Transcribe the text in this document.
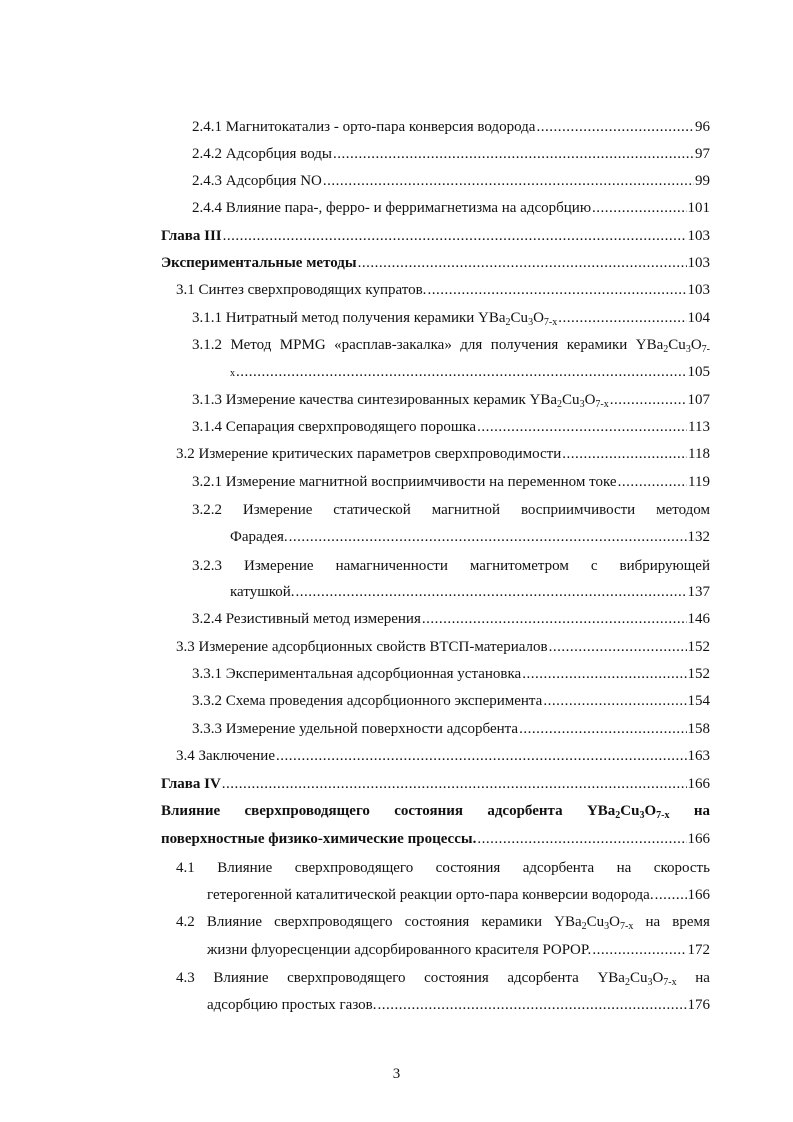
2.4.1 Магнитокатализ - орто-пара конверсия водорода .....	96
2.4.2 Адсорбция воды .....	97
2.4.3 Адсорбция NO .....	99
2.4.4 Влияние пара-, ферро- и ферримагнетизма на адсорбцию .....	101
Глава III .....	103
Экспериментальные методы .....	103
3.1 Синтез сверхпроводящих купратов. .....	103
3.1.1 Нитратный метод получения керамики $YBa_2Cu_3O_{7-x}$ .....	104
3.1.2 Метод MPMG «расплав-закалка» для получения керамики $YBa_2Cu_3O_{7-}$
x .....	105
3.1.3 Измерение качества синтезированных керамик $YBa_2Cu_3O_{7-x}$ .....	107
3.1.4 Сепарация сверхпроводящего порошка .....	113
3.2 Измерение критических параметров сверхпроводимости .....	118
3.2.1 Измерение магнитной восприимчивости на переменном токе .....	119
3.2.2 Измерение статической магнитной восприимчивости методом
Фарадея. .....	132
3.2.3 Измерение намагниченности магнитометром с вибрирующей
катушкой. .....	137
3.2.4 Резистивный метод измерения .....	146
3.3 Измерение адсорбционных свойств ВТСП-материалов .....	152
3.3.1 Экспериментальная адсорбционная установка .....	152
3.3.2 Схема проведения адсорбционного эксперимента .....	154
3.3.3 Измерение удельной поверхности адсорбента .....	158
3.4 Заключение .....	163
Глава IV .....	166
Влияние сверхпроводящего состояния адсорбента $YBa_2Cu_3O_{7-x}$ на
поверхностные физико-химические процессы. .....	166
4.1 Влияние сверхпроводящего состояния адсорбента на скорость
гетерогенной каталитической реакции орто-пара конверсии водорода. ..... 166
4.2 Влияние сверхпроводящего состояния керамики $YBa_2Cu_3O_{7-x}$ на время
жизни флуоресценции адсорбированного красителя POPOP. .....	172
4.3 Влияние сверхпроводящего состояния адсорбента $YBa_2Cu_3O_{7-x}$ на
адсорбцию простых газов. .....	176
3
